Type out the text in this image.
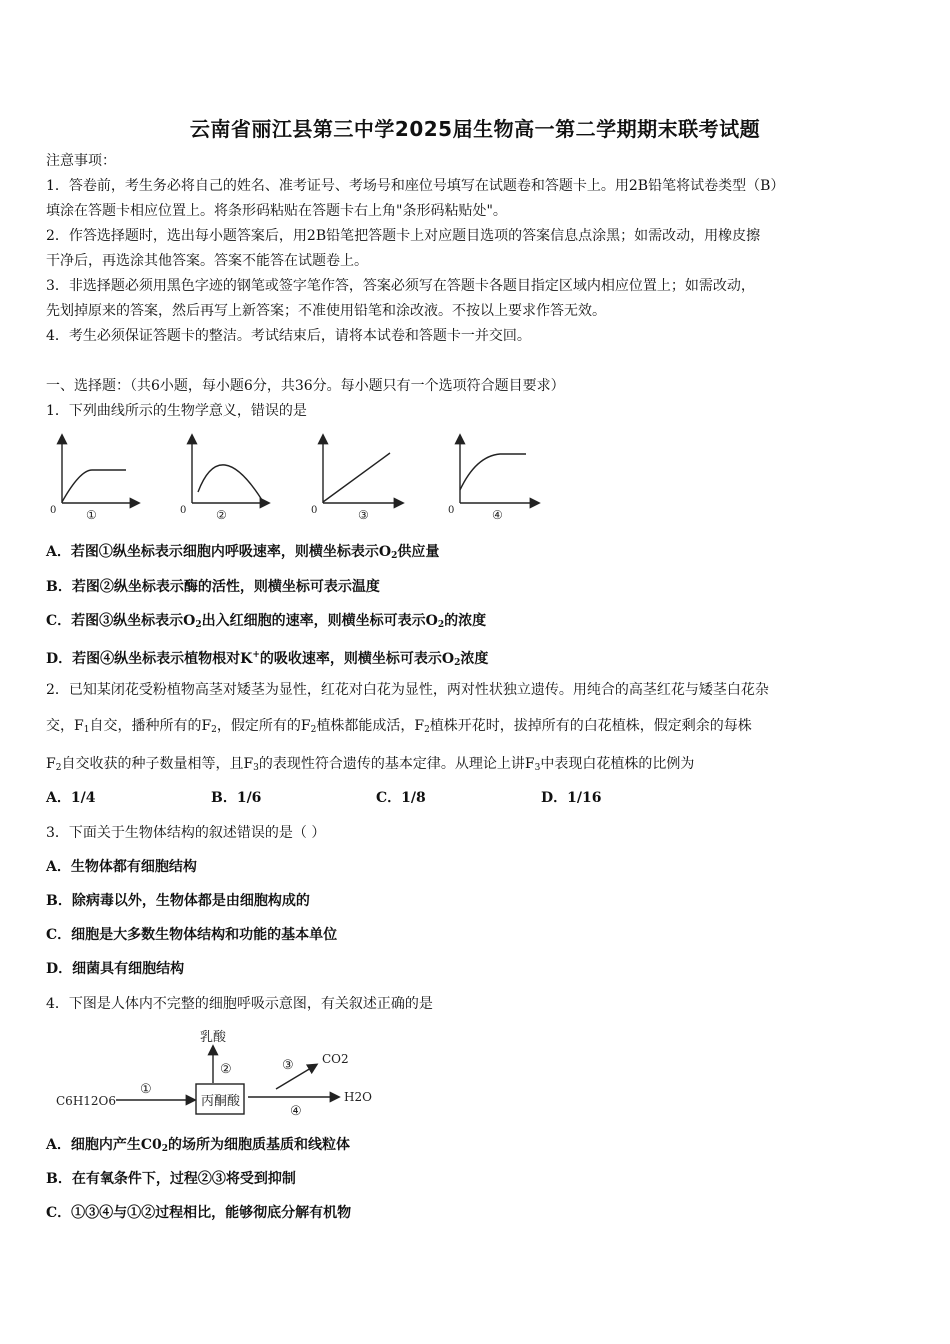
云南省丽江县第三中学2025届生物高一第二学期期末联考试题
注意事项：
1．答卷前，考生务必将自己的姓名、准考证号、考场号和座位号填写在试题卷和答题卡上。用2B铅笔将试卷类型（B）
填涂在答题卡相应位置上。将条形码粘贴在答题卡右上角"条形码粘贴处"。
2．作答选择题时，选出每小题答案后，用2B铅笔把答题卡上对应题目选项的答案信息点涂黑；如需改动，用橡皮擦
干净后，再选涂其他答案。答案不能答在试题卷上。
3．非选择题必须用黑色字迹的钢笔或签字笔作答，答案必须写在答题卡各题目指定区域内相应位置上；如需改动，
先划掉原来的答案，然后再写上新答案；不准使用铅笔和涂改液。不按以上要求作答无效。
4．考生必须保证答题卡的整洁。考试结束后，请将本试卷和答题卡一并交回。
一、选择题：（共6小题，每小题6分，共36分。每小题只有一个选项符合题目要求）
1．下列曲线所示的生物学意义，错误的是
0 ①	0 ②	0	③	0	④
A．若图①纵坐标表示细胞内呼吸速率，则横坐标表示$O_2$供应量
B．若图②纵坐标表示酶的活性，则横坐标可表示温度
C．若图③纵坐标表示$O_2$出入红细胞的速率，则横坐标可表示$O_2$的浓度
D．若图④纵坐标表示植物根对K+的吸收速率，则横坐标可表示$O_2$浓度
2．已知某闭花受粉植物高茎对矮茎为显性，红花对白花为显性，两对性状独立遗传。用纯合的高茎红花与矮茎白花杂
交，$F_1$自交，播种所有的$F_2$，假定所有的$F_2$植株都能成活，$F_2$植株开花时，拔掉所有的白花植株，假定剩余的每株
$F_2$自交收获的种子数量相等，且$F_3$的表现性符合遗传的基本定律。从理论上讲$F_3$中表现白花植株的比例为
A．1/4	B．1/6	C．1/8	D．1/16
3．下面关于生物体结构的叙述错误的是（ ）
A．生物体都有细胞结构
B．除病毒以外，生物体都是由细胞构成的
C．细胞是大多数生物体结构和功能的基本单位
D．细菌具有细胞结构
4．下图是人体内不完整的细胞呼吸示意图，有关叙述正确的是
C6H12O6
①
丙酮酸
乳酸
②	③ CO2
④
H2O
A．细胞内产生$C0_2$的场所为细胞质基质和线粒体
B．在有氧条件下，过程②③将受到抑制
C．①③④与①②过程相比，能够彻底分解有机物
